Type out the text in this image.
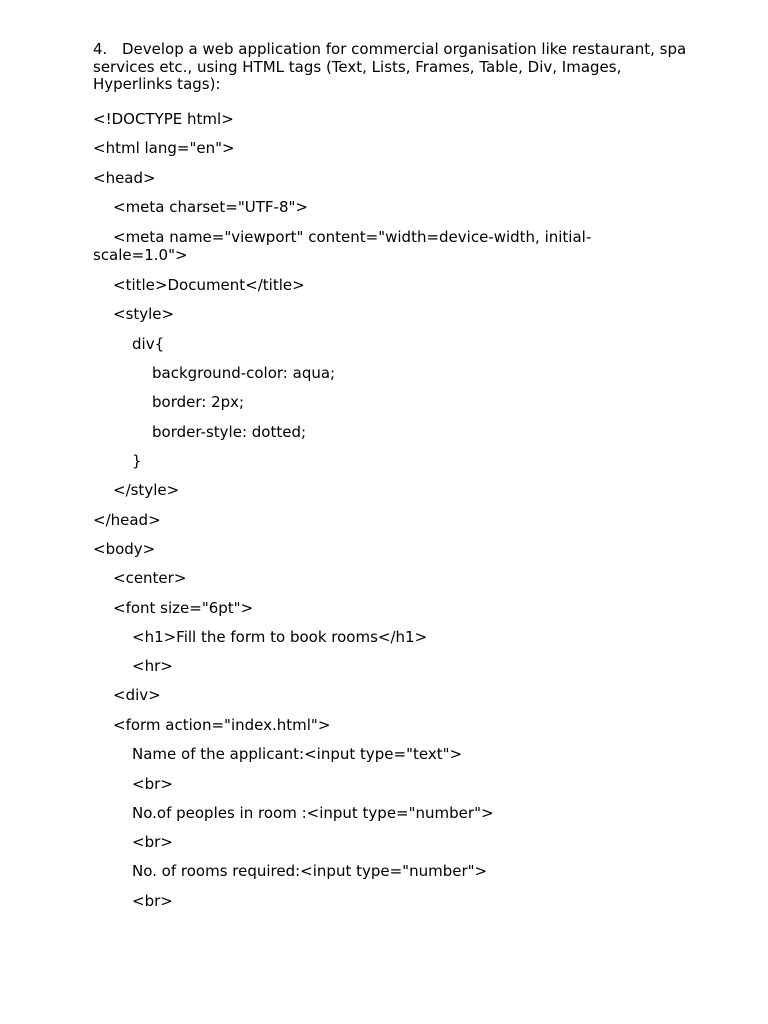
4. Develop a web application for commercial organisation like restaurant, spa services etc., using HTML tags (Text, Lists, Frames, Table, Div, Images, Hyperlinks tags):
<!DOCTYPE html>
<html lang="en">
<head>
<meta charset="UTF-8">
<meta name="viewport" content="width=device-width, initial-scale=1.0">
<title>Document</title>
<style>
div{
background-color: aqua;
border: 2px;
border-style: dotted;
}
</style>
</head>
<body>
<center>
<font size="6pt">
<h1>Fill the form to book rooms</h1>
<hr>
<div>
<form action="index.html">
Name of the applicant:<input type="text">
<br>
No.of peoples in room :<input type="number">
<br>
No. of rooms required:<input type="number">
<br>
